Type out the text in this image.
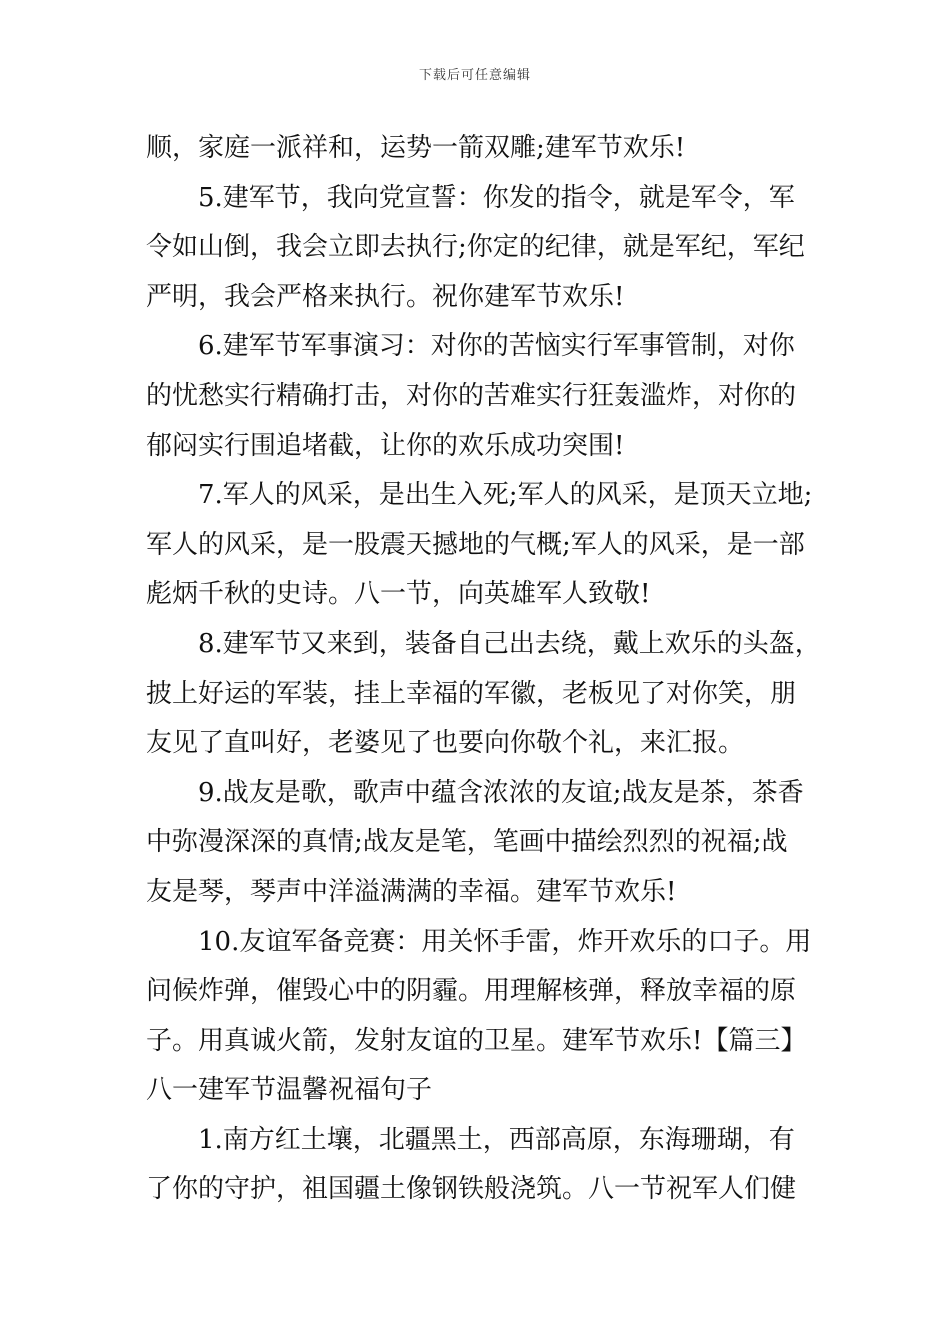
下载后可任意编辑
顺，家庭一派祥和，运势一箭双雕;建军节欢乐!
5.建军节，我向党宣誓：你发的指令，就是军令，军
令如山倒，我会立即去执行;你定的纪律，就是军纪，军纪
严明，我会严格来执行。祝你建军节欢乐!
6.建军节军事演习：对你的苦恼实行军事管制，对你
的忧愁实行精确打击，对你的苦难实行狂轰滥炸，对你的
郁闷实行围追堵截，让你的欢乐成功突围!
7.军人的风采，是出生入死;军人的风采，是顶天立地;
军人的风采，是一股震天撼地的气概;军人的风采，是一部
彪炳千秋的史诗。八一节，向英雄军人致敬!
8.建军节又来到，装备自己出去绕，戴上欢乐的头盔，
披上好运的军装，挂上幸福的军徽，老板见了对你笑，朋
友见了直叫好，老婆见了也要向你敬个礼，来汇报。
9.战友是歌，歌声中蕴含浓浓的友谊;战友是茶，茶香
中弥漫深深的真情;战友是笔，笔画中描绘烈烈的祝福;战
友是琴，琴声中洋溢满满的幸福。建军节欢乐!
10.友谊军备竞赛：用关怀手雷，炸开欢乐的口子。用
问候炸弹，催毁心中的阴霾。用理解核弹，释放幸福的原
子。用真诚火箭，发射友谊的卫星。建军节欢乐!【篇三】
八一建军节温馨祝福句子
1.南方红土壤，北疆黑土，西部高原，东海珊瑚，有
了你的守护，祖国疆土像钢铁般浇筑。八一节祝军人们健
